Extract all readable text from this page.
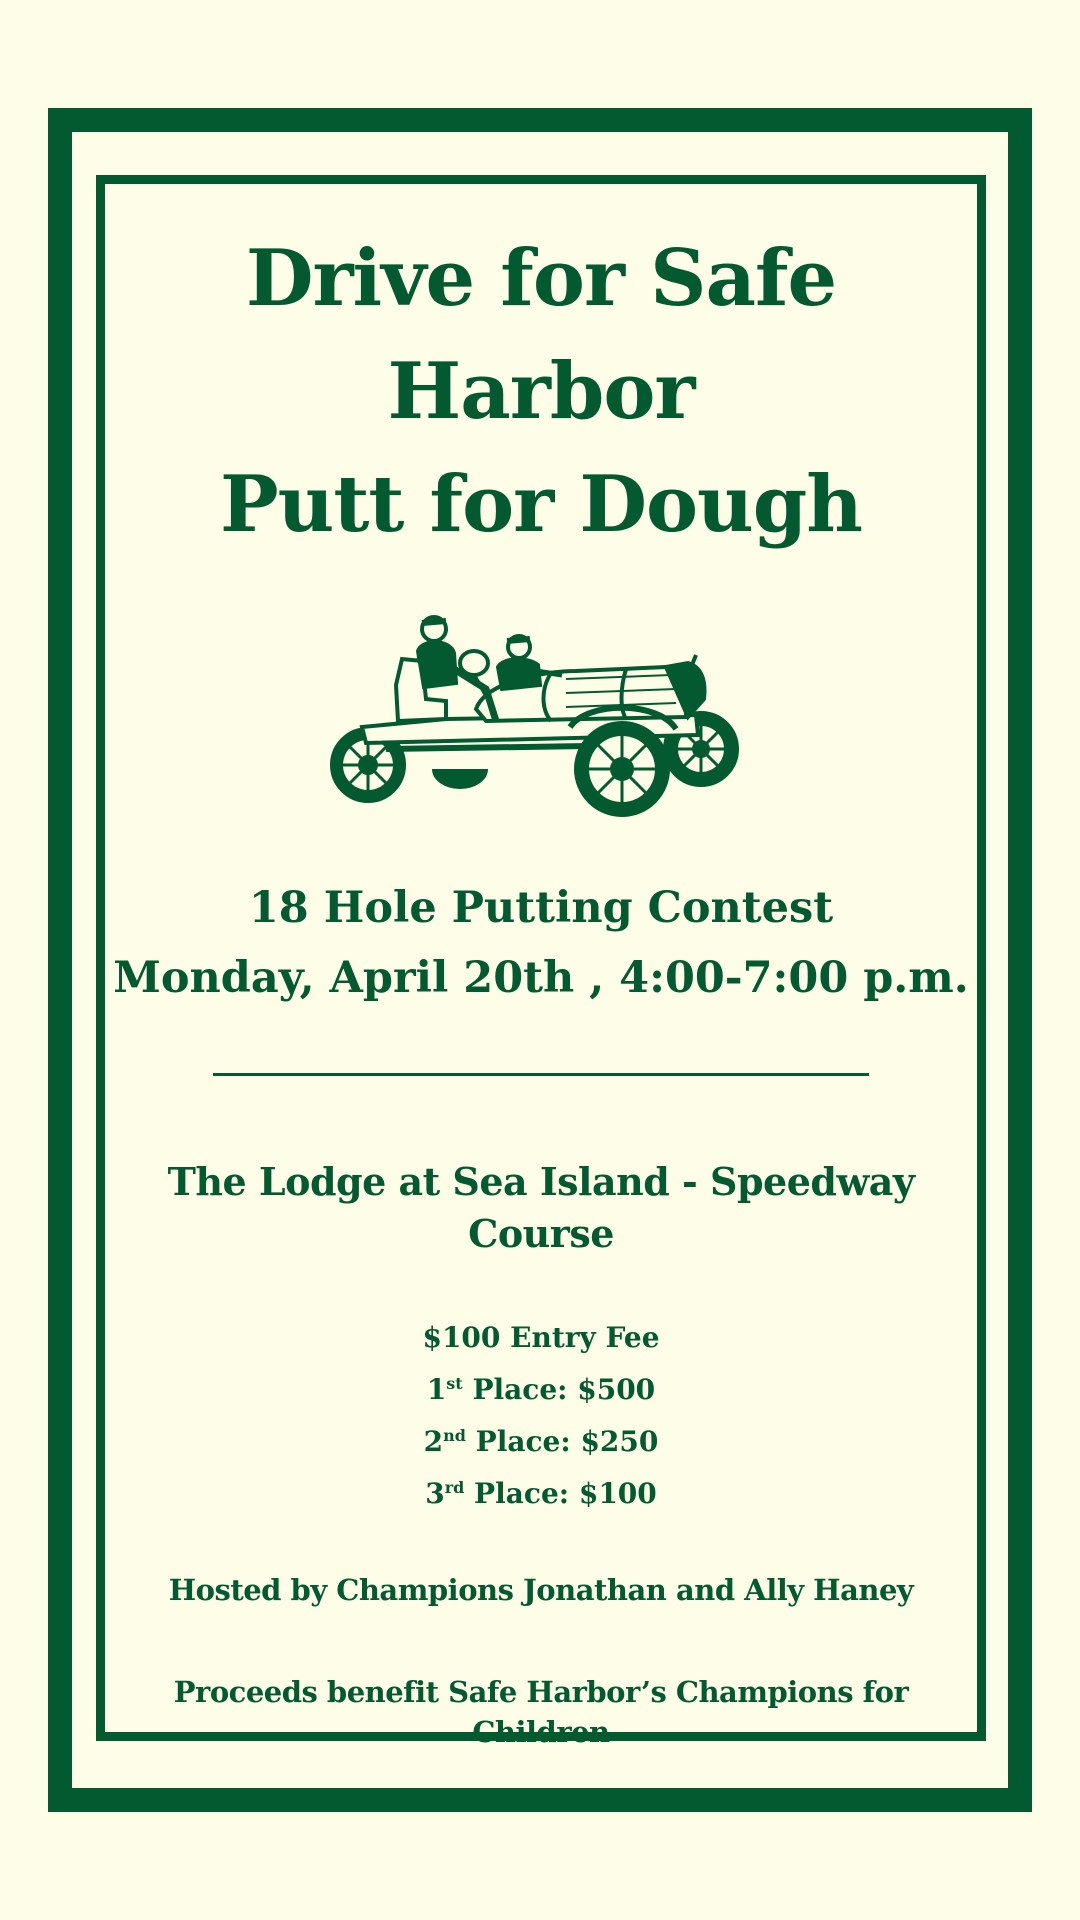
Drive for Safe Harbor
Putt for Dough
18 Hole Putting Contest
Monday, April 20th , 4:00-7:00 p.m.
The Lodge at Sea Island - Speedway Course
$100 Entry Fee
1st Place: $500
2nd Place: $250
3rd Place: $100
Hosted by Champions Jonathan and Ally Haney
Proceeds benefit Safe Harbor’s Champions for Children
